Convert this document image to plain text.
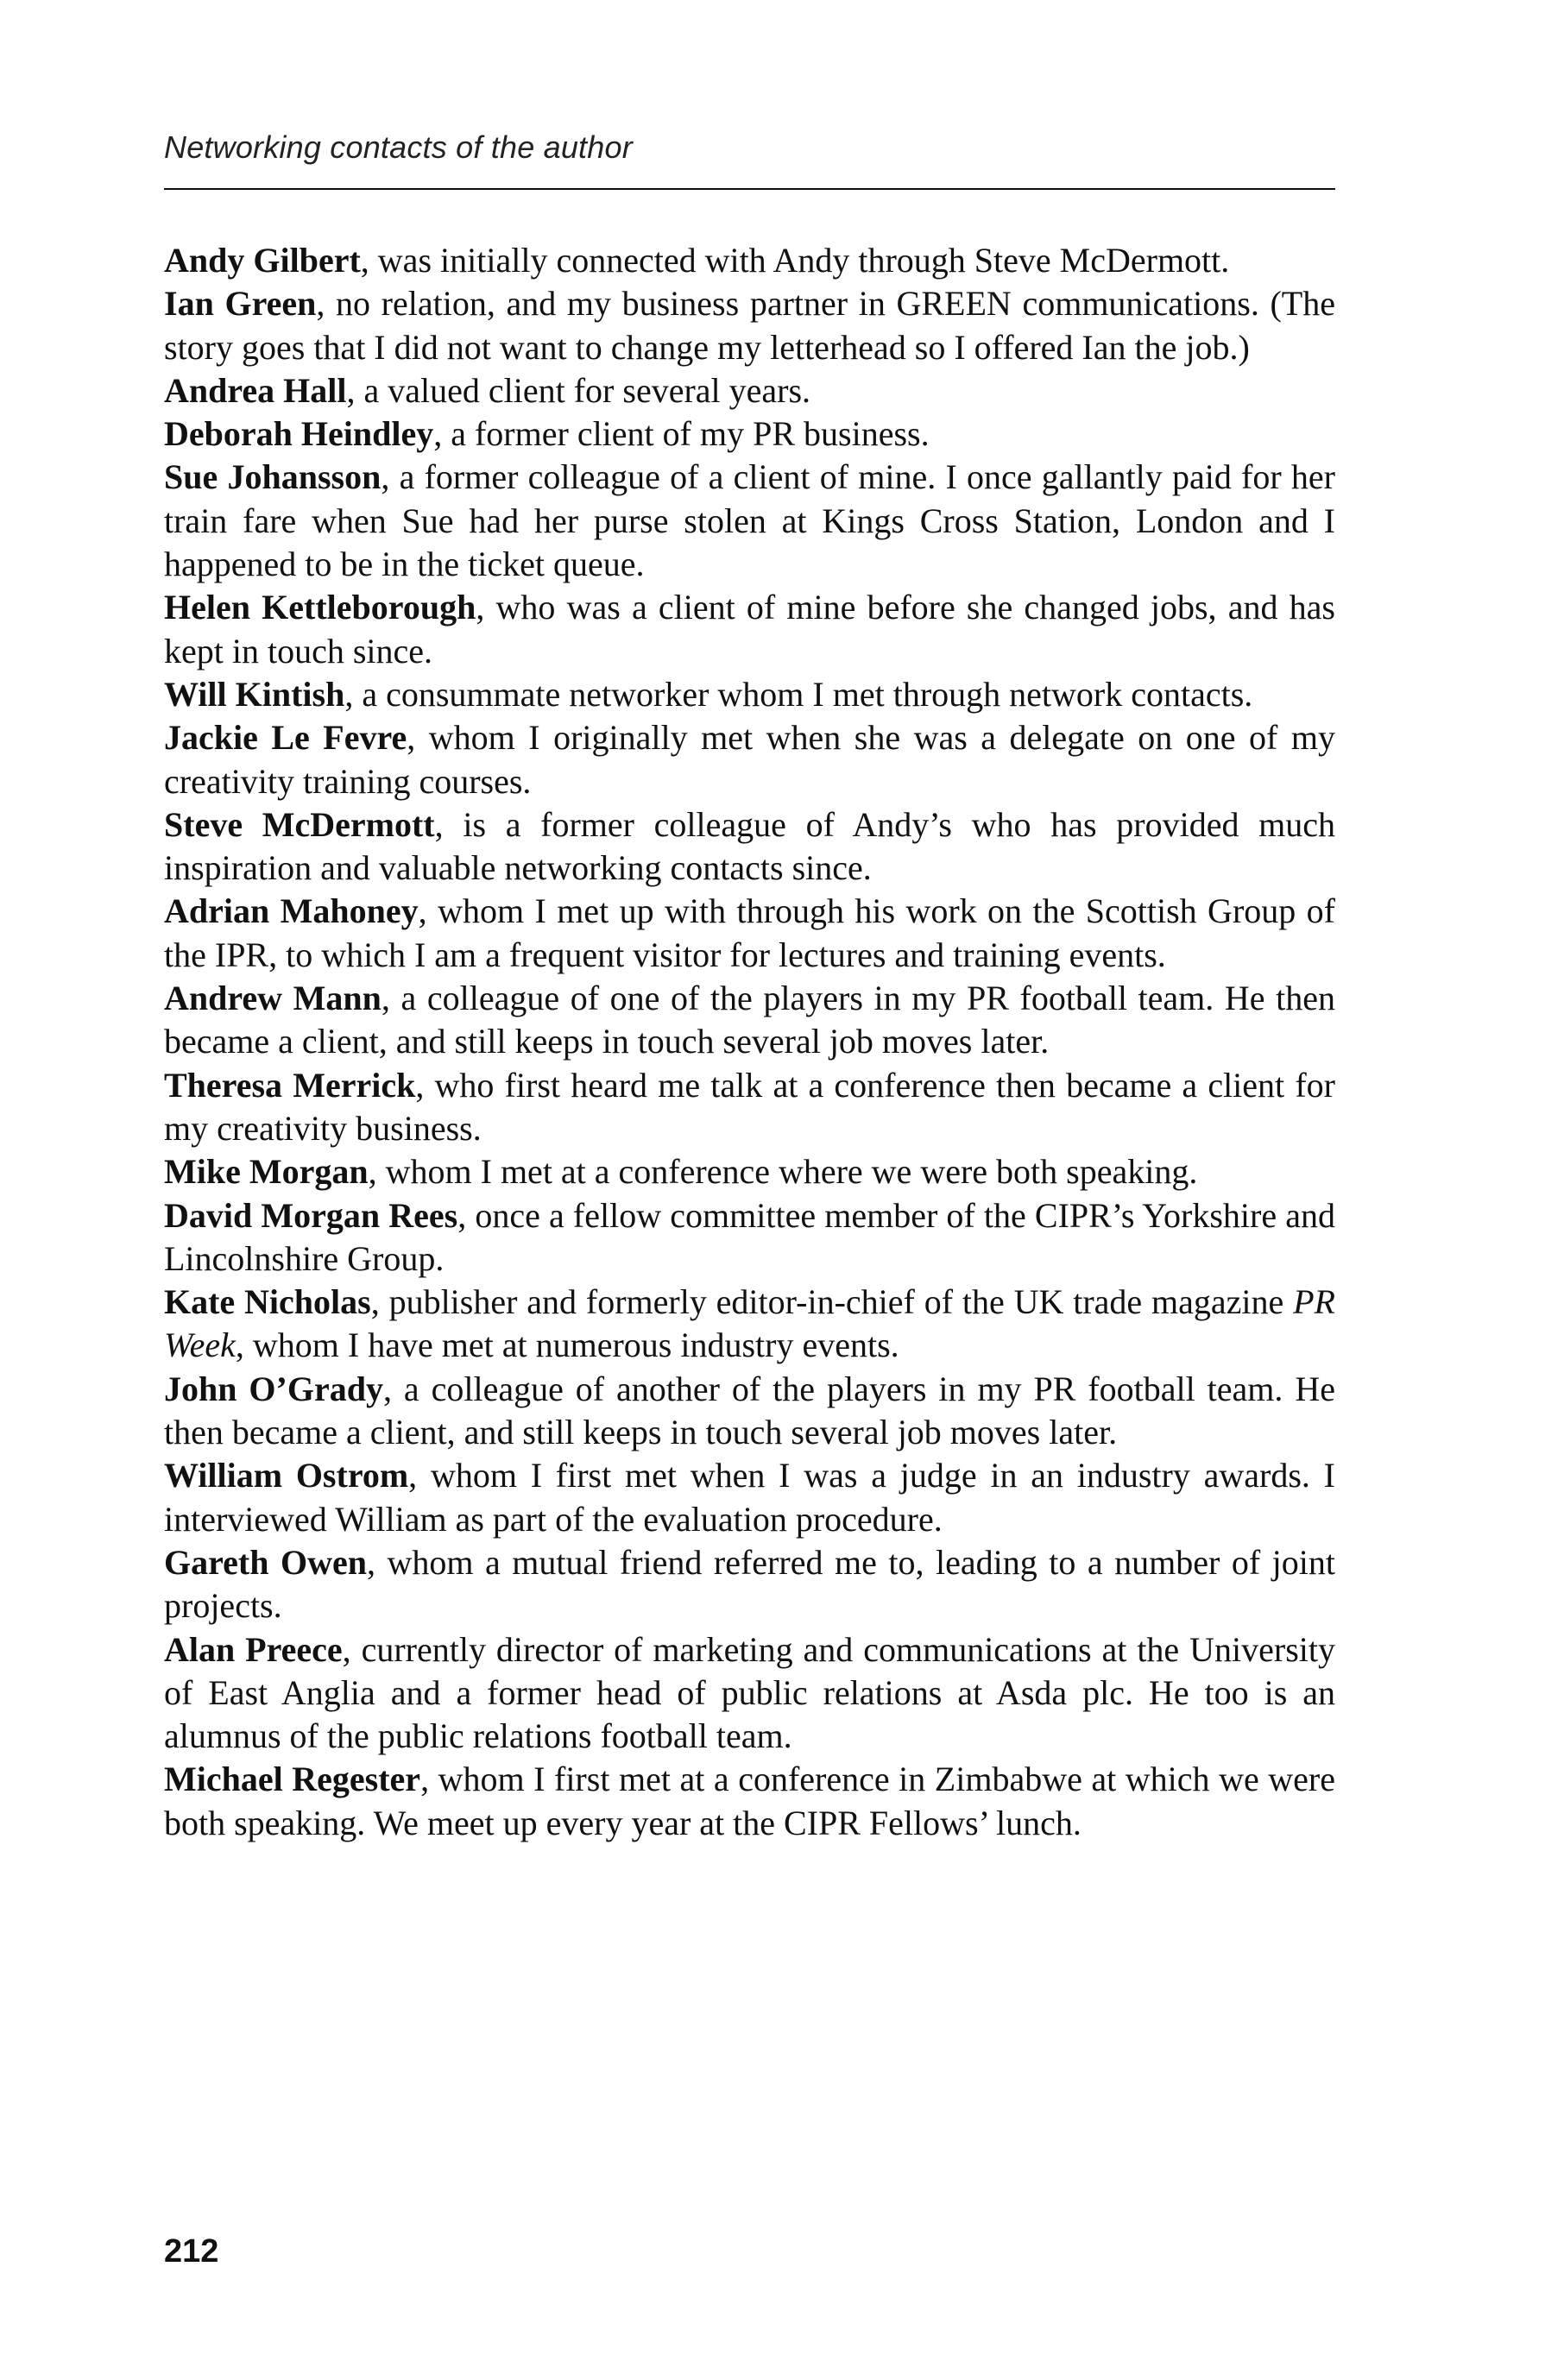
Networking contacts of the author

Andy Gilbert, was initially connected with Andy through Steve McDermott.

Ian Green, no relation, and my business partner in GREEN communications. (The story goes that I did not want to change my letterhead so I offered Ian the job.)

Andrea Hall, a valued client for several years.

Deborah Heindley, a former client of my PR business.

Sue Johansson, a former colleague of a client of mine. I once gallantly paid for her train fare when Sue had her purse stolen at Kings Cross Station, London and I happened to be in the ticket queue.

Helen Kettleborough, who was a client of mine before she changed jobs, and has kept in touch since.

Will Kintish, a consummate networker whom I met through network contacts.

Jackie Le Fevre, whom I originally met when she was a delegate on one of my creativity training courses.

Steve McDermott, is a former colleague of Andy’s who has provided much inspiration and valuable networking contacts since.

Adrian Mahoney, whom I met up with through his work on the Scottish Group of the IPR, to which I am a frequent visitor for lectures and training events.

Andrew Mann, a colleague of one of the players in my PR football team. He then became a client, and still keeps in touch several job moves later.

Theresa Merrick, who first heard me talk at a conference then became a client for my creativity business.

Mike Morgan, whom I met at a conference where we were both speaking.

David Morgan Rees, once a fellow committee member of the CIPR’s Yorkshire and Lincolnshire Group.

Kate Nicholas, publisher and formerly editor-in-chief of the UK trade magazine PR Week, whom I have met at numerous industry events.

John O’Grady, a colleague of another of the players in my PR football team. He then became a client, and still keeps in touch several job moves later.

William Ostrom, whom I first met when I was a judge in an industry awards. I interviewed William as part of the evaluation procedure.

Gareth Owen, whom a mutual friend referred me to, leading to a number of joint projects.

Alan Preece, currently director of marketing and communications at the University of East Anglia and a former head of public relations at Asda plc. He too is an alumnus of the public relations football team.

Michael Regester, whom I first met at a conference in Zimbabwe at which we were both speaking. We meet up every year at the CIPR Fellows’ lunch.

212
